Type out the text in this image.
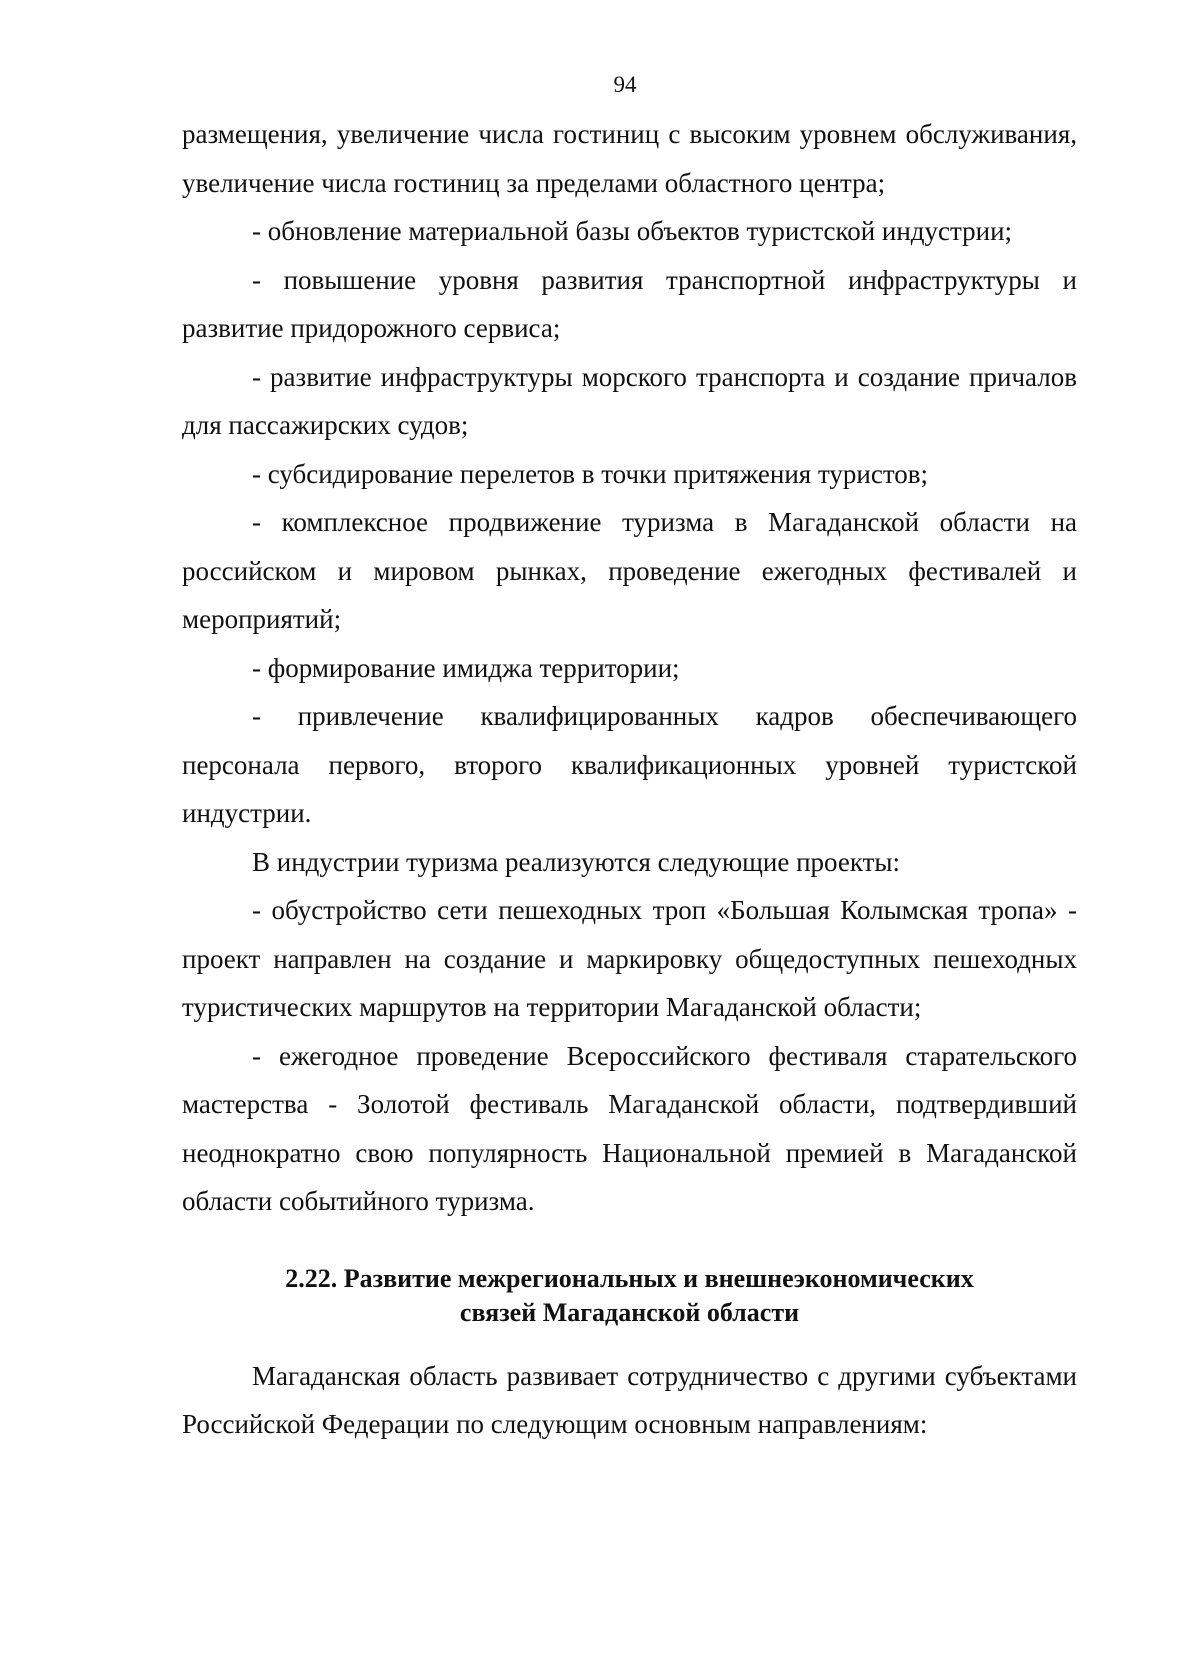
94

размещения, увеличение числа гостиниц с высоким уровнем обслуживания, увеличение числа гостиниц за пределами областного центра;

- обновление материальной базы объектов туристской индустрии;

- повышение уровня развития транспортной инфраструктуры и развитие придорожного сервиса;

- развитие инфраструктуры морского транспорта и создание причалов для пассажирских судов;

- субсидирование перелетов в точки притяжения туристов;

- комплексное продвижение туризма в Магаданской области на российском и мировом рынках, проведение ежегодных фестивалей и мероприятий;

- формирование имиджа территории;

- привлечение квалифицированных кадров обеспечивающего персонала первого, второго квалификационных уровней туристской индустрии.

В индустрии туризма реализуются следующие проекты:

- обустройство сети пешеходных троп «Большая Колымская тропа» - проект направлен на создание и маркировку общедоступных пешеходных туристических маршрутов на территории Магаданской области;

- ежегодное проведение Всероссийского фестиваля старательского мастерства - Золотой фестиваль Магаданской области, подтвердивший неоднократно свою популярность Национальной премией в Магаданской области событийного туризма.

2.22. Развитие межрегиональных и внешнеэкономических
связей Магаданской области

Магаданская область развивает сотрудничество с другими субъектами Российской Федерации по следующим основным направлениям:
